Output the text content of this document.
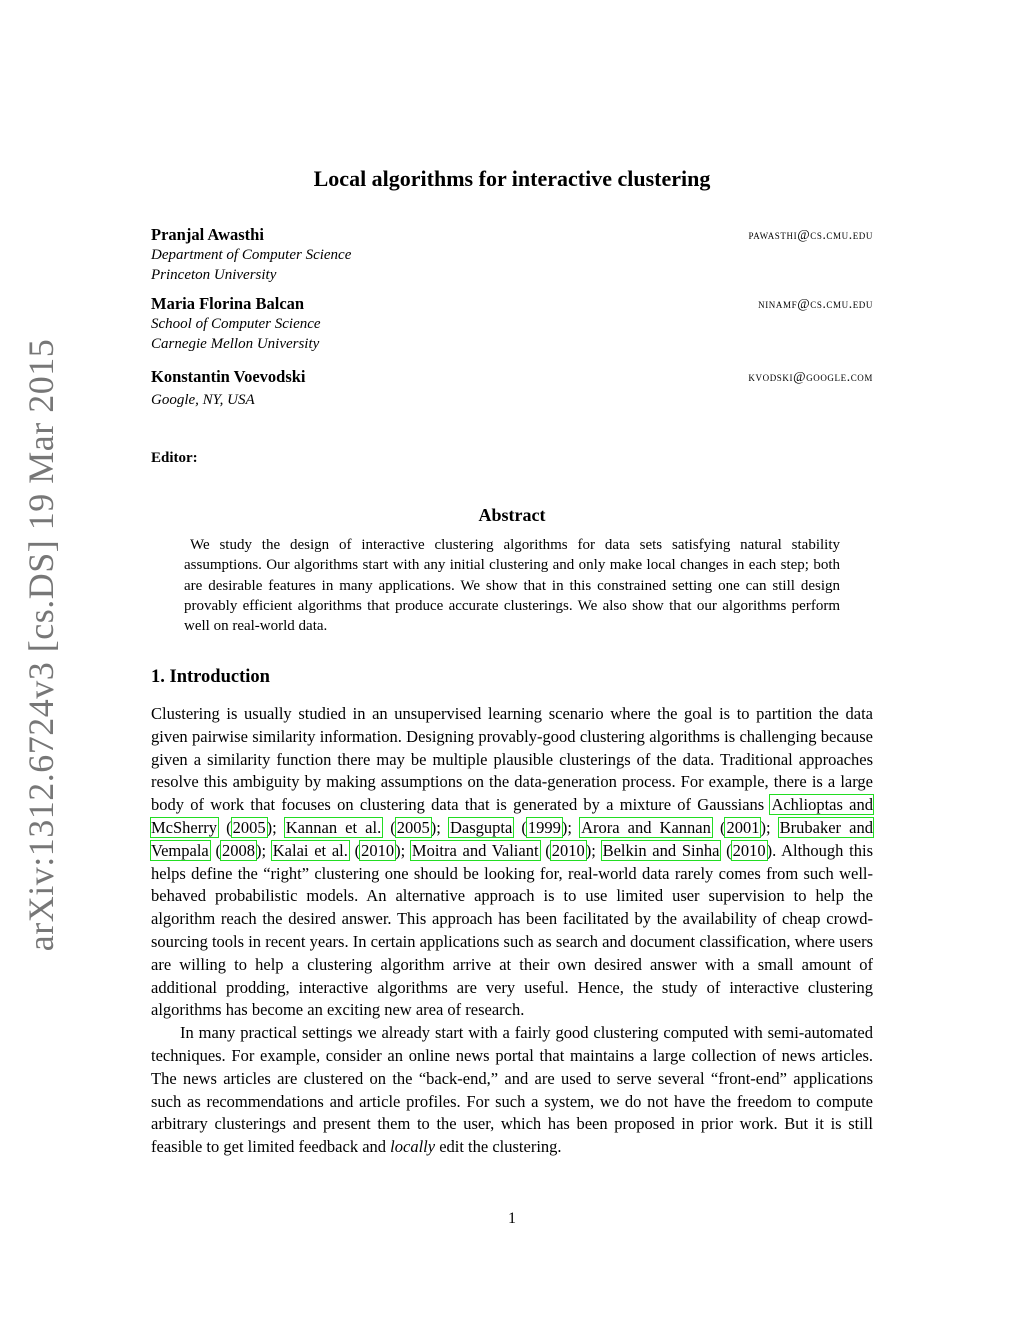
arXiv:1312.6724v3 [cs.DS] 19 Mar 2015
Local algorithms for interactive clustering
Pranjal Awasthi	pawasthi@cs.cmu.edu
Department of Computer Science
Princeton University
Maria Florina Balcan	ninamf@cs.cmu.edu
School of Computer Science
Carnegie Mellon University
Konstantin Voevodski	kvodski@google.com
Google, NY, USA
Editor:
Abstract
We study the design of interactive clustering algorithms for data sets satisfying natural stability assumptions. Our algorithms start with any initial clustering and only make local changes in each step; both are desirable features in many applications. We show that in this constrained setting one can still design provably efficient algorithms that produce accurate clusterings. We also show that our algorithms perform well on real-world data.
1. Introduction

Clustering is usually studied in an unsupervised learning scenario where the goal is to partition the data given pairwise similarity information. Designing provably-good clustering algorithms is challenging because given a similarity function there may be multiple plausible clusterings of the data. Traditional approaches resolve this ambiguity by making assumptions on the data-generation process. For example, there is a large body of work that focuses on clustering data that is generated by a mixture of Gaussians Achlioptas and McSherry (2005); Kannan et al. (2005); Dasgupta (1999); Arora and Kannan (2001); Brubaker and Vempala (2008); Kalai et al. (2010); Moitra and Valiant (2010); Belkin and Sinha (2010). Although this helps define the “right” clustering one should be looking for, real-world data rarely comes from such well-behaved probabilistic models. An alternative approach is to use limited user supervision to help the algorithm reach the desired answer. This approach has been facilitated by the availability of cheap crowd-sourcing tools in recent years. In certain applications such as search and document classification, where users are willing to help a clustering algorithm arrive at their own desired answer with a small amount of additional prodding, interactive algorithms are very useful. Hence, the study of interactive clustering algorithms has become an exciting new area of research.

In many practical settings we already start with a fairly good clustering computed with semi-automated techniques. For example, consider an online news portal that maintains a large collection of news articles. The news articles are clustered on the “back-end,” and are used to serve several “front-end” applications such as recommendations and article profiles. For such a system, we do not have the freedom to compute arbitrary clusterings and present them to the user, which has been proposed in prior work. But it is still feasible to get limited feedback and locally edit the clustering.

1
